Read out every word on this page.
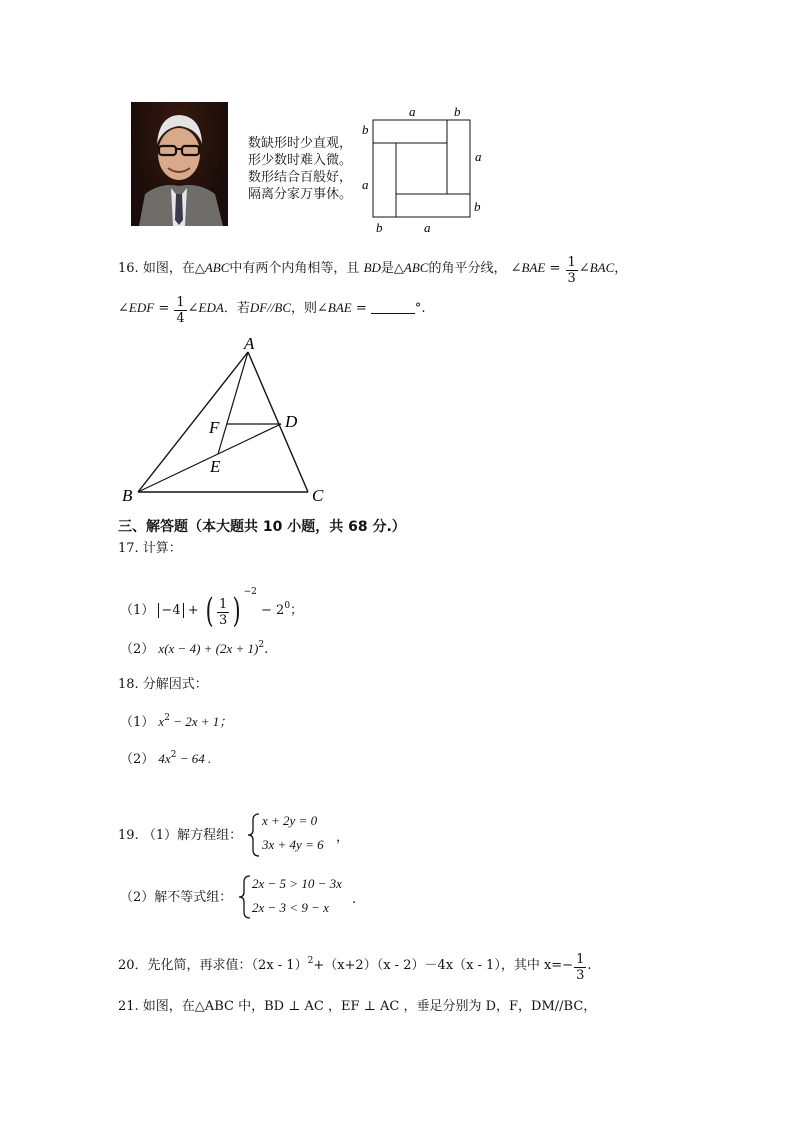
数缺形时少直观，
形少数时难入微。
数形结合百般好，
隔离分家万事休。
a	b
b
a
a
b
b	a
16. 如图，在△ABC中有两个内角相等，且 BD是△ABC的角平分线， ∠BAE = $\frac{1}{3}$ ∠BAC，
∠EDF = $\frac{1}{4}$ ∠EDA．若DF//BC，则∠BAE =	°.
A
B	C
D
E
F
三、解答题（本大题共 10 小题，共 68 分.）
17. 计算：
（1） −4 + ( $\frac{1}{3}$ ) $^{-2} - 2^0$；
（2） $x(x - 4) + (2x + 1)^2$.
18. 分解因式：
（1） $x^2 - 2x + 1$；
（2） $4x^2 - 64$ .
19. （1）解方程组：
x + 2y = 0
3x + 4y = 6 ，
（2）解不等式组：
2x − 5 > 10 − 3x
2x − 3 < 9 − x
.
20．先化简，再求值：（2x - 1）$^2$+（x+2）（x - 2）－4x（x - 1），其中 $x=- \frac{1}{3}$ .
21. 如图，在△ABC 中，BD ⊥ AC ，EF ⊥ AC ，垂足分别为 D，F，DM//BC，
